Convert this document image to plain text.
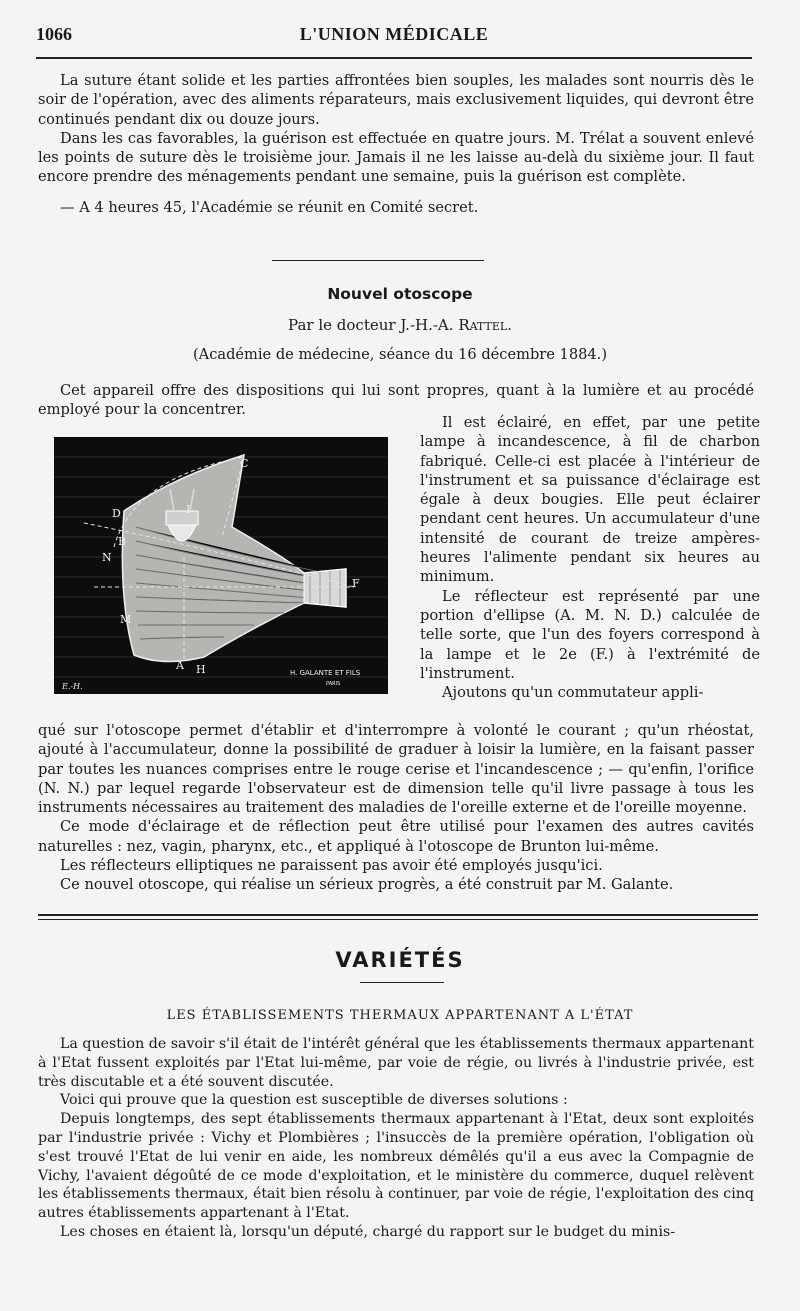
1066	L'UNION MÉDICALE

La suture étant solide et les parties affrontées bien souples, les malades sont nourris dès le soir de l'opération, avec des aliments réparateurs, mais exclusivement liquides, qui devront être continués pendant dix ou douze jours.

Dans les cas favorables, la guérison est effectuée en quatre jours. M. Trélat a souvent enlevé les points de suture dès le troisième jour. Jamais il ne les laisse au-delà du sixième jour. Il faut encore prendre des ménagements pendant une semaine, puis la guérison est complète.

— A 4 heures 45, l'Académie se réunit en Comité secret.

Nouvel otoscope
Par le docteur J.-H.-A. Rattel.
(Académie de médecine, séance du 16 décembre 1884.)

Cet appareil offre des dispositions qui lui sont propres, quant à la lumière et au procédé employé pour la concentrer.

C
I
D
B
N
F
M
A H	H. GALANTE ET FILS
PARIS
E.-H.

Il est éclairé, en effet, par une petite lampe à incandescence, à fil de charbon fabriqué. Celle-ci est placée à l'intérieur de l'instrument et sa puissance d'éclairage est égale à deux bougies. Elle peut éclairer pendant cent heures. Un accumulateur d'une intensité de courant de treize ampères-heures l'alimente pendant six heures au minimum.

Le réflecteur est représenté par une portion d'ellipse (A. M. N. D.) calculée de telle sorte, que l'un des foyers correspond à la lampe et le 2e (F.) à l'extrémité de l'instrument.

Ajoutons qu'un commutateur appli-

qué sur l'otoscope permet d'établir et d'interrompre à volonté le courant ; qu'un rhéostat, ajouté à l'accumulateur, donne la possibilité de graduer à loisir la lumière, en la faisant passer par toutes les nuances comprises entre le rouge cerise et l'incandescence ; — qu'enfin, l'orifice (N. N.) par lequel regarde l'observateur est de dimension telle qu'il livre passage à tous les instruments nécessaires au traitement des maladies de l'oreille externe et de l'oreille moyenne.

Ce mode d'éclairage et de réflection peut être utilisé pour l'examen des autres cavités naturelles : nez, vagin, pharynx, etc., et appliqué à l'otoscope de Brunton lui-même.

Les réflecteurs elliptiques ne paraissent pas avoir été employés jusqu'ici.

Ce nouvel otoscope, qui réalise un sérieux progrès, a été construit par M. Galante.

VARIÉTÉS
LES ÉTABLISSEMENTS THERMAUX APPARTENANT A L'ÉTAT

La question de savoir s'il était de l'intérêt général que les établissements thermaux appartenant à l'Etat fussent exploités par l'Etat lui-même, par voie de régie, ou livrés à l'industrie privée, est très discutable et a été souvent discutée.

Voici qui prouve que la question est susceptible de diverses solutions :

Depuis longtemps, des sept établissements thermaux appartenant à l'Etat, deux sont exploités par l'industrie privée : Vichy et Plombières ; l'insuccès de la première opération, l'obligation où s'est trouvé l'Etat de lui venir en aide, les nombreux démêlés qu'il a eus avec la Compagnie de Vichy, l'avaient dégoûté de ce mode d'exploitation, et le ministère du commerce, duquel relèvent les établissements thermaux, était bien résolu à continuer, par voie de régie, l'exploitation des cinq autres établissements appartenant à l'Etat.

Les choses en étaient là, lorsqu'un député, chargé du rapport sur le budget du minis-
